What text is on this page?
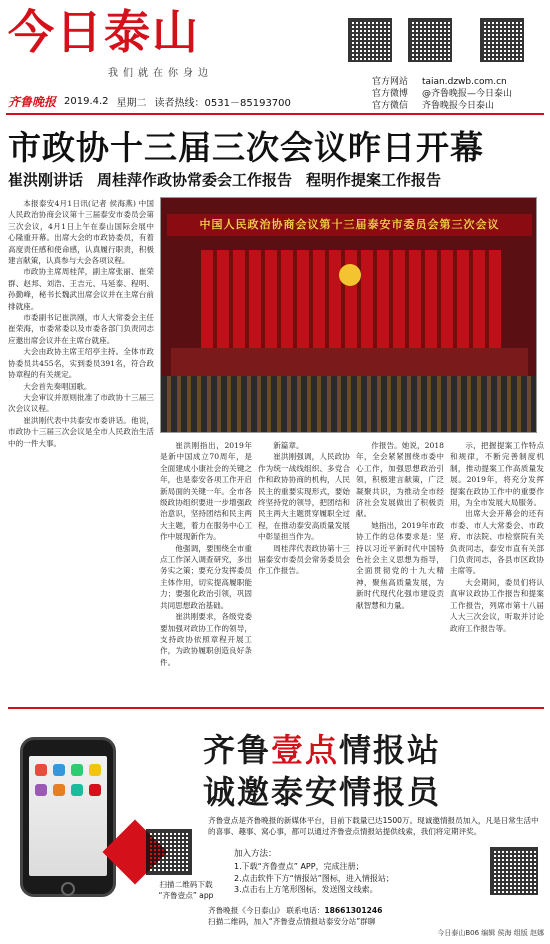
今日泰山
我们就在你身边
齐鲁晚报 2019.4.2 星期二 读者热线：0531－85193700
官方网站	taian.dzwb.com.cn
官方微博	@齐鲁晚报—今日泰山
官方微信	齐鲁晚报今日泰山
市政协十三届三次会议昨日开幕
崔洪刚讲话 周桂萍作政协常委会工作报告 程明作提案工作报告

本报泰安4月1日讯(记者 侯海燕) 中国人民政治协商会议第十三届泰安市委员会第三次会议，4月1日上午在泰山国际会展中心隆重开幕。出席大会的市政协委员，有着高度责任感和使命感，认真履行职责，积极建言献策，认真参与大会各项议程。

市政协主席周桂萍，副主席张丽、崔荣群、赵邦、刘浩、王吉元、马延泰、程明、孙勤峰，秘书长魏武出席会议并在主席台前排就座。

市委副书记崔洪刚，市人大常委会主任崔荣海，市委常委以及市委各部门负责同志应邀出席会议并在主席台就座。

大会由政协主席王绍亭主持。全体市政协委员共455名，实到委员391名，符合政协章程的有关规定。

大会首先奏唱国歌。

大会审议并原则批准了市政协十三届三次会议议程。

崔洪刚代表中共泰安市委讲话。他说，市政协十三届三次会议是全市人民政治生活中的一件大事。

中国人民政治协商会议第十三届泰安市委员会第三次会议

崔洪刚指出，2019年是新中国成立70周年，是全面建成小康社会的关键之年，也是泰安各项工作开启新局面的关键一年。全市各级政协组织要进一步增强政治意识，坚持团结和民主两大主题，着力在服务中心工作中展现新作为。

他强调，要围绕全市重点工作深入调查研究，多出务实之策；要充分发挥委员主体作用，切实提高履职能力；要强化政治引领，巩固共同思想政治基础。

崔洪刚要求，各级党委要加强对政协工作的领导，支持政协依照章程开展工作，为政协履职创造良好条件。

新篇章。

崔洪刚强调，人民政协作为统一战线组织、多党合作和政协协商的机构，人民民主的重要实现形式，要始终坚持党的领导，把团结和民主两大主题贯穿履职全过程，在推动泰安高质量发展中彰显担当作为。

周桂萍代表政协第十三届泰安市委员会常务委员会作工作报告。

作报告。她说，2018年，全会紧紧围绕市委中心工作，加强思想政治引领，积极建言献策，广泛凝聚共识，为推动全市经济社会发展做出了积极贡献。

她指出，2019年市政协工作的总体要求是：坚持以习近平新时代中国特色社会主义思想为指导，全面贯彻党的十九大精神，聚焦高质量发展，为新时代现代化强市建设贡献智慧和力量。

示，把握提案工作特点和规律，不断完善制度机制，推动提案工作高质量发展。2019年，将充分发挥提案在政协工作中的重要作用，为全市发展大局服务。

出席大会开幕会的还有市委、市人大常委会、市政府、市法院、市检察院有关负责同志，泰安市直有关部门负责同志，各县市区政协主席等。

大会期间，委员们将认真审议政协工作报告和提案工作报告，列席市第十八届人大三次会议，听取并讨论政府工作报告等。

齐鲁壹点情报站
诚邀泰安情报员
齐鲁壹点是齐鲁晚报的新媒体平台，目前下载量已达1500万。现诚邀情报员加入，凡是日常生活中的喜事、趣事、窝心事，都可以通过齐鲁壹点情报站提供线索，我们将定期评奖。
加入方法：
1.下载“齐鲁壹点” APP，完成注册；
2.点击软件下方“情报站”图标，进入情报站；
3.点击右上方笔形图标，发送图文线索。
扫描二维码下载
“齐鲁壹点” app
齐鲁晚报《今日泰山》 联系电话：18661301246
扫描二维码，加入“齐鲁壹点情报站泰安分站”群聊
今日泰山B06 编辑 侯海 组版 赵娜
